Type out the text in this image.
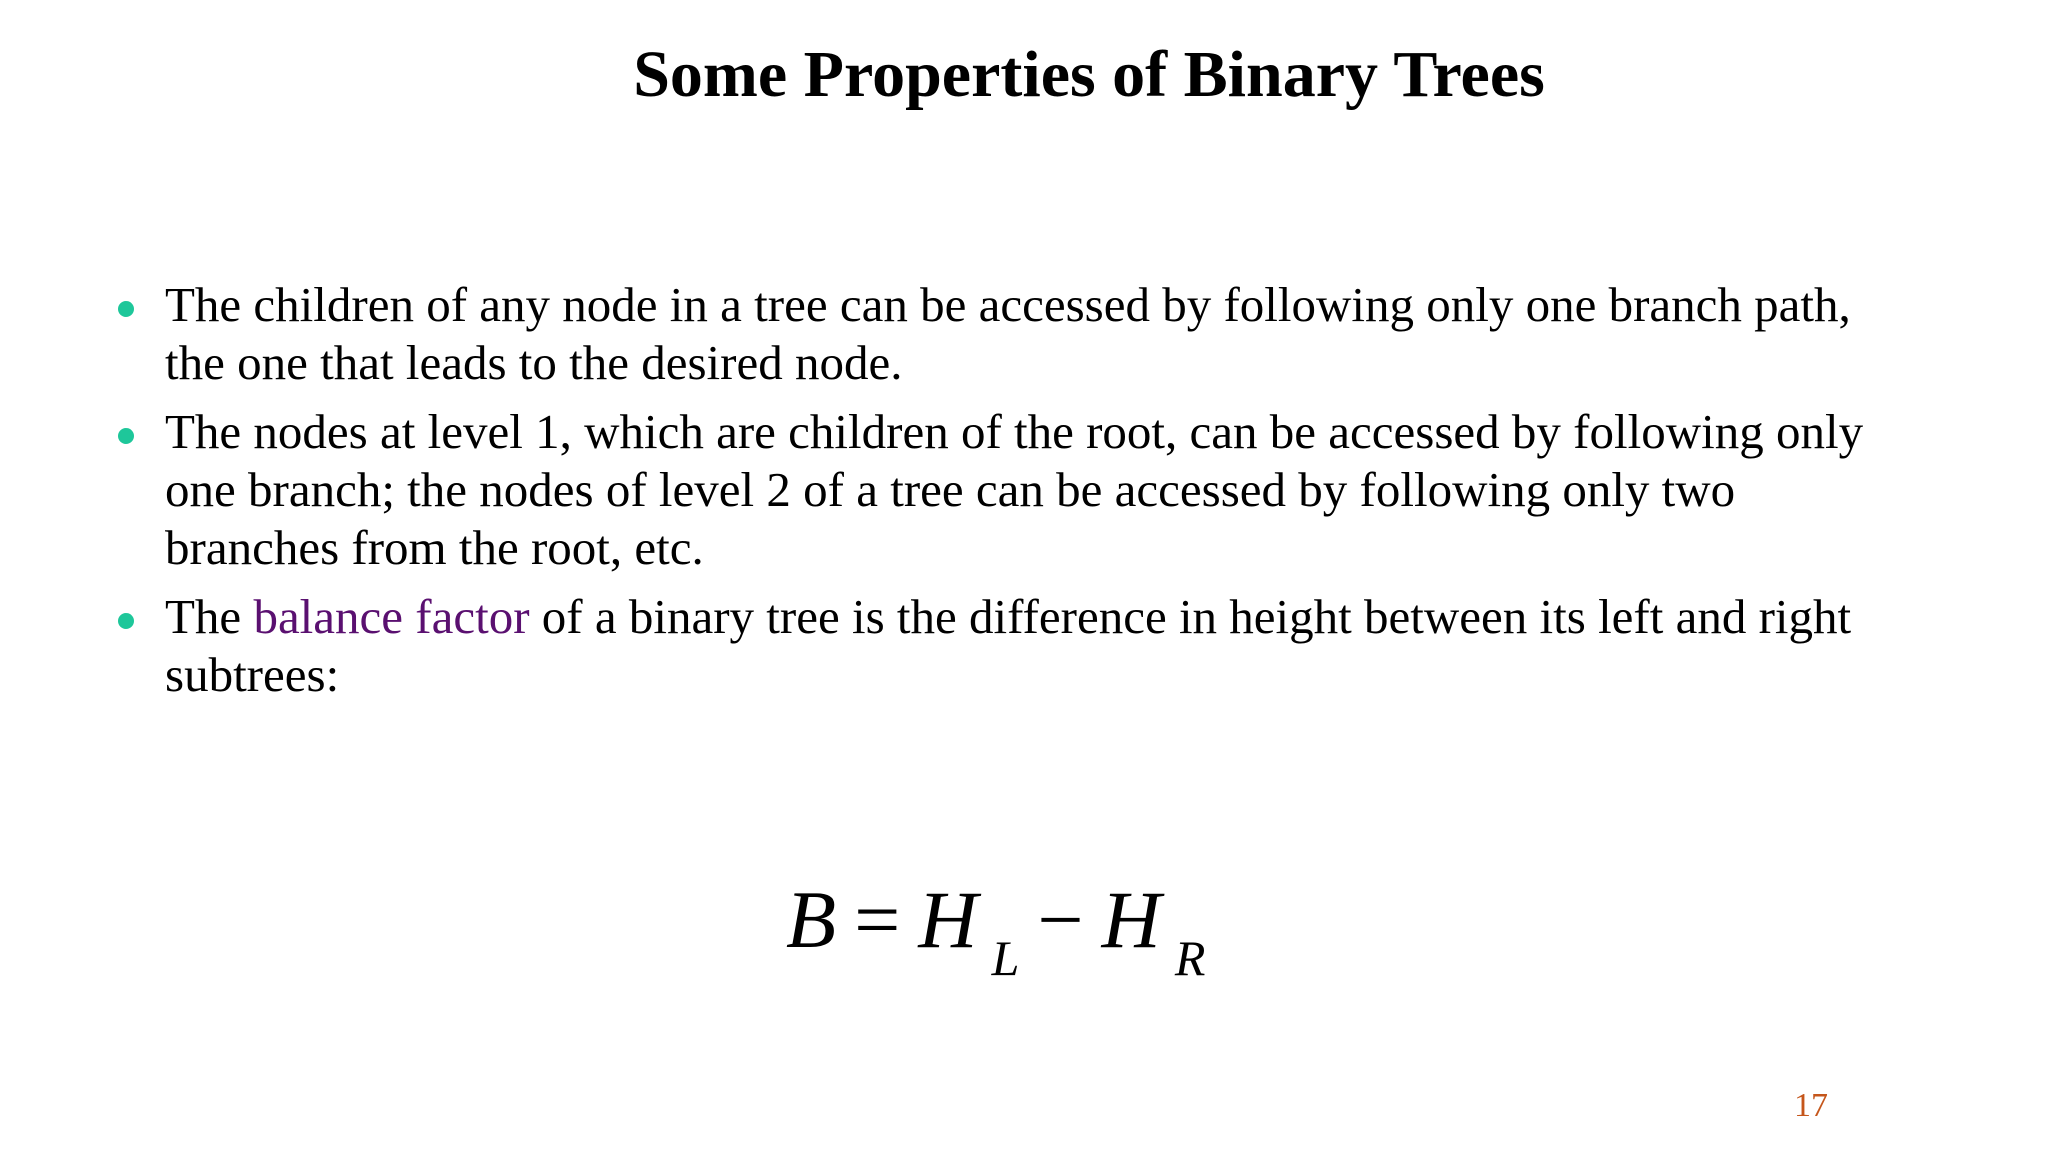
Some Properties of Binary Trees
The children of any node in a tree can be accessed by following only one branch path, the one that leads to the desired node.
The nodes at level 1, which are children of the root, can be accessed by following only one branch; the nodes of level 2 of a tree can be accessed by following only two branches from the root, etc.
The balance factor of a binary tree is the difference in height between its left and right subtrees:
B = H L − H R
17
